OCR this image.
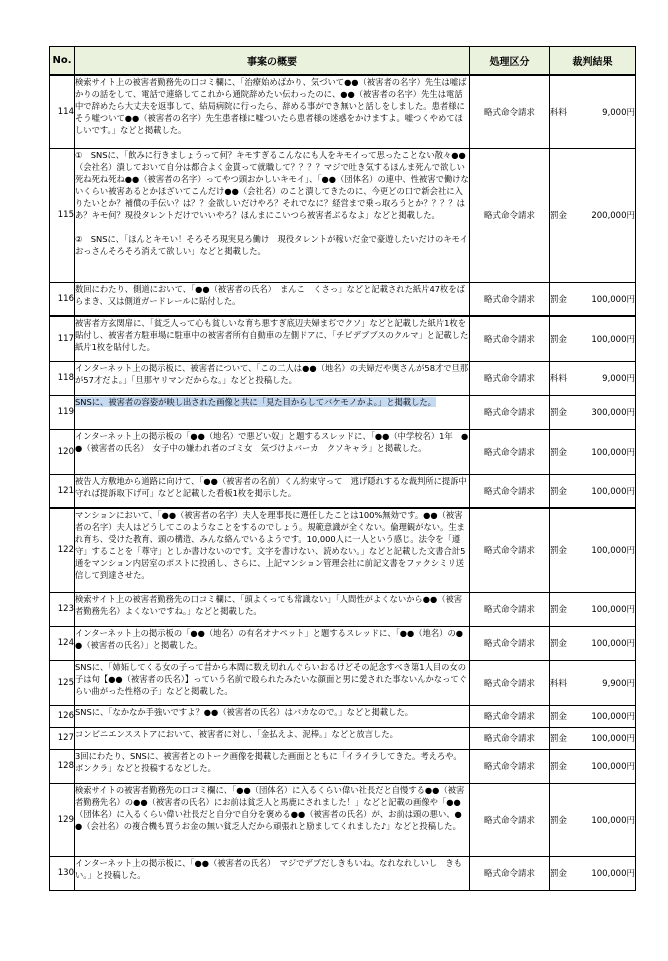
No.	事案の概要	処理区分	裁判結果
114	検索サイト上の被害者勤務先の口コミ欄に、「治療始めばかり、気づいて●●（被害者の名字）先生は嘘ばかりの話をして、電話で連絡してこれから通院辞めたい伝わったのに、●●（被害者の名字）先生は電話中で辞めたら大丈夫を返事して、結局病院に行ったら、辞める事ができ無いと話しをしました。患者様にそう嘘ついて●●（被害者の名字）先生患者様に嘘ついたら患者様の迷惑をかけますよ。嘘つくやめてほしいです。」などと掲載した。	略式命令請求	科料 9,000円

115	①　SNSに、「飲みに行きましょうって何？キモすぎるこんなにも人をキモイって思ったことない散々●●（会社名）潰しておいて自分は都合よく金貰って就職して？？？？マジで吐き気するほんま死んで欲しい死ね死ね死ね●●（被害者の名字）ってやつ頭おかしいキモイ」、「●●（団体名）の連中、性被害で働けないくらい被害あるとかほざいてこんだけ●●（会社名）のこと潰してきたのに、今更どの口で新会社に入りたいとか？補償の手伝い？は？？金欲しいだけやろ？それでなに？経営まで乗っ取ろうとか？？？？はあ？キモ何？現役タレントだけでいいやろ？ほんまにこいつら被害者ぶるなよ」などと掲載した。

②　SNSに、「ほんとキモい！そろそろ現実見ろ働け　現役タレントが稼いだ金で豪遊したいだけのキモイおっさんそろそろ消えて欲しい」などと掲載した。	略式命令請求	罰金 200,000円

116	数回にわたり、側道において、「●●（被害者の氏名）　まんこ　くさっ」などと記載された紙片47枚をばらまき、又は側道ガードレールに貼付した。	略式命令請求	罰金 100,000円

117	被害者方玄関扉に、「貧乏人って心も貧しいな育ち悪すぎ底辺夫婦まぢでクソ」などと記載した紙片1枚を貼付し、被害者方駐車場に駐車中の被害者所有自動車の左側ドアに、「チビデブブスのクルマ」と記載した紙片1枚を貼付した。	略式命令請求	罰金 100,000円

118	インターネット上の掲示板に、被害者について、「この二人は●●（地名）の夫婦だや奥さんが58才で旦那が57才だよ。」「旦那ヤリマンだからな。」などと投稿した。	略式命令請求	科料 9,000円

119	SNSに、被害者の容姿が映し出された画像と共に「見た目からしてバケモノかよ。」と掲載した。	略式命令請求	罰金 300,000円

120	インターネット上の掲示板の「●●（地名）で悪どい奴」と題するスレッドに、「●●（中学校名）1年　●●（被害者の氏名）　女子中の嫌われ者のゴミ女　気づけよバーカ　クソキャラ」と掲載した。	略式命令請求	罰金 100,000円

121	被告人方敷地から道路に向けて、「●●（被害者の名前）くん約束守って　逃げ隠れするな裁判所に提訴中守れば提訴取下げ可」などと記載した看板1枚を掲示した。	略式命令請求	罰金 100,000円

122	マンションにおいて、「●●（被害者の名字）夫人を理事長に選任したことは100%無効です。●●（被害者の名字）夫人はどうしてこのようなことをするのでしょう。規範意識が全くない。倫理観がない。生まれ育ち、受けた教育、頭の構造、みんな絡んでいるようです。10,000人に一人という感じ。法令を「遵守」することを「尊守」としか書けないのです。文字を書けない、読めない。」などと記載した文書合計5通をマンション内居室のポストに投函し、さらに、上記マンション管理会社に前記文書をファクシミリ送信して到達させた。	略式命令請求	罰金 100,000円

123	検索サイト上の被害者勤務先の口コミ欄に、「頭よくっても常識ない」「人間性がよくないから●●（被害者勤務先名）よくないですね。」などと掲載した。	略式命令請求	罰金 100,000円

124	インターネット上の掲示板の「●●（地名）の有名オナペット」と題するスレッドに、「●●（地名）の●●（被害者の氏名）」と掲載した。	略式命令請求	罰金 100,000円

125	SNSに、「姉妬してくる女の子って昔から本間に数え切れんぐらいおるけどその記念すべき第1人目の女の子は旬【●●（被害者の氏名）】っていう名前で殴られたみたいな顔面と男に愛された事ないんかなってぐらい曲がった性格の子」などと掲載した。	略式命令請求	科料 9,900円

126	SNSに、「なかなか手強いですよ？●●（被害者の氏名）はバカなので。」などと掲載した。	略式命令請求	罰金 100,000円

127	コンビニエンスストアにおいて、被害者に対し、「金払えよ、泥棒。」などと放言した。	略式命令請求	罰金 100,000円

128	3回にわたり、SNSに、被害者とのトーク画像を掲載した画面とともに「イライラしてきた。考えろや。ボンクラ」などと投稿するなどした。	略式命令請求	罰金 100,000円

129	検索サイトの被害者勤務先の口コミ欄に、「●●（団体名）に入るくらい偉い社長だと自慢する●●（被害者勤務先名）の●●（被害者の氏名）にお前は貧乏人と馬鹿にされました！」などと記載の画像や「●●（団体名）に入るくらい偉い社長だと自分で自分を褒める●●（被害者の氏名）が、お前は頭の悪い、●●（会社名）の複合機も買うお金の無い貧乏人だから頑張れと励ましてくれました♪」などと投稿した。	略式命令請求	罰金 100,000円

130	インターネット上の掲示板に、「●●（被害者の氏名）　マジでデブだしきもいね。なれなれしいし　きもい。」と投稿した。	略式命令請求	罰金 100,000円
